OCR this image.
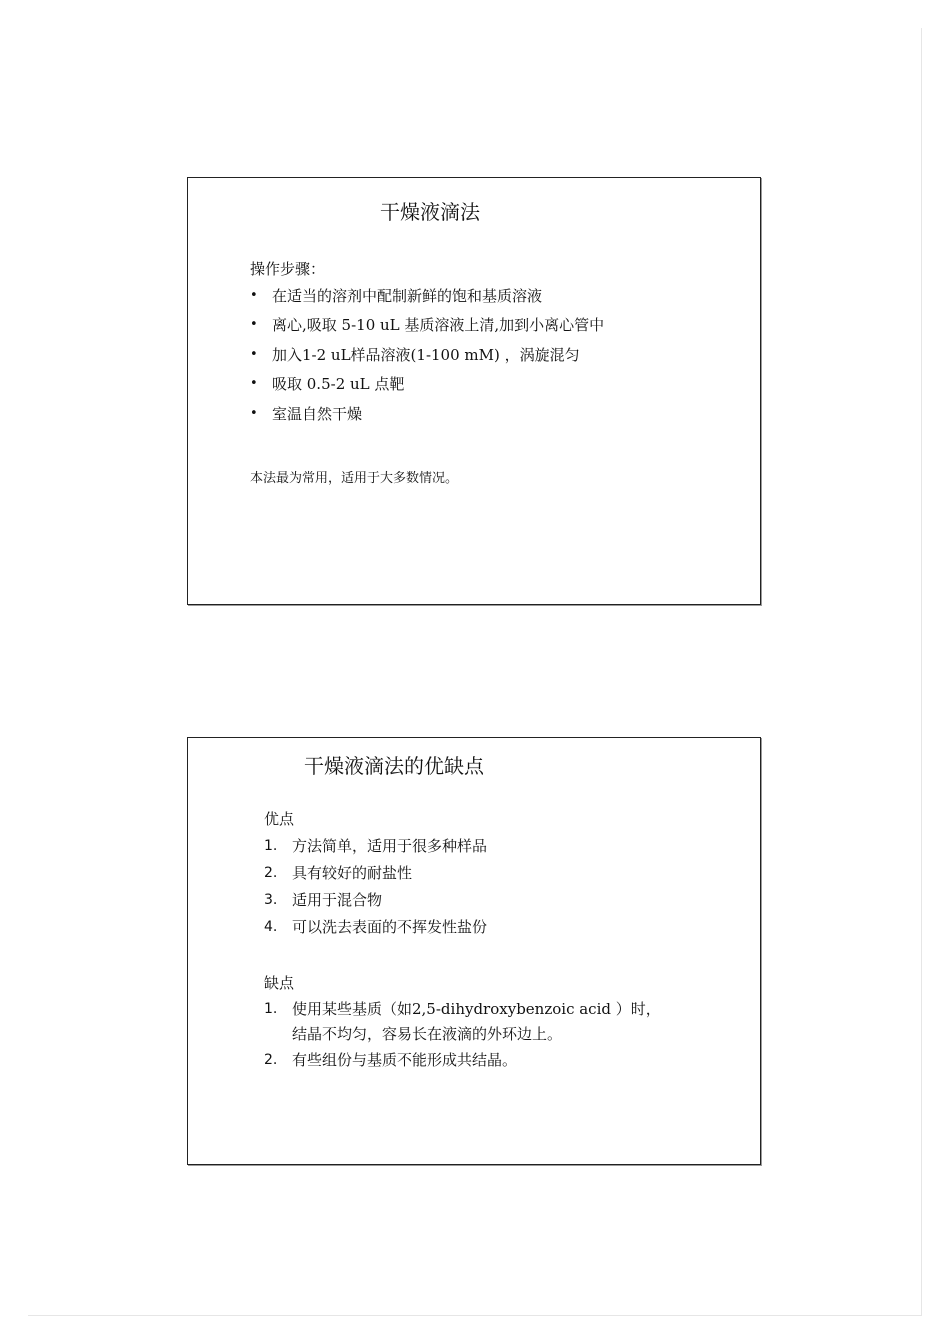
干燥液滴法
操作步骤：
• 在适当的溶剂中配制新鲜的饱和基质溶液
• 离心,吸取 5-10 uL 基质溶液上清,加到小离心管中
• 加入1-2 uL样品溶液(1-100 mM) ，涡旋混匀
• 吸取 0.5-2 uL 点靶
• 室温自然干燥
本法最为常用，适用于大多数情况。
干燥液滴法的优缺点
优点
1. 方法简单，适用于很多种样品
2. 具有较好的耐盐性
3. 适用于混合物
4. 可以洗去表面的不挥发性盐份
缺点
1. 使用某些基质（如2,5-dihydroxybenzoic acid ）时，
结晶不均匀，容易长在液滴的外环边上。
2. 有些组份与基质不能形成共结晶。
